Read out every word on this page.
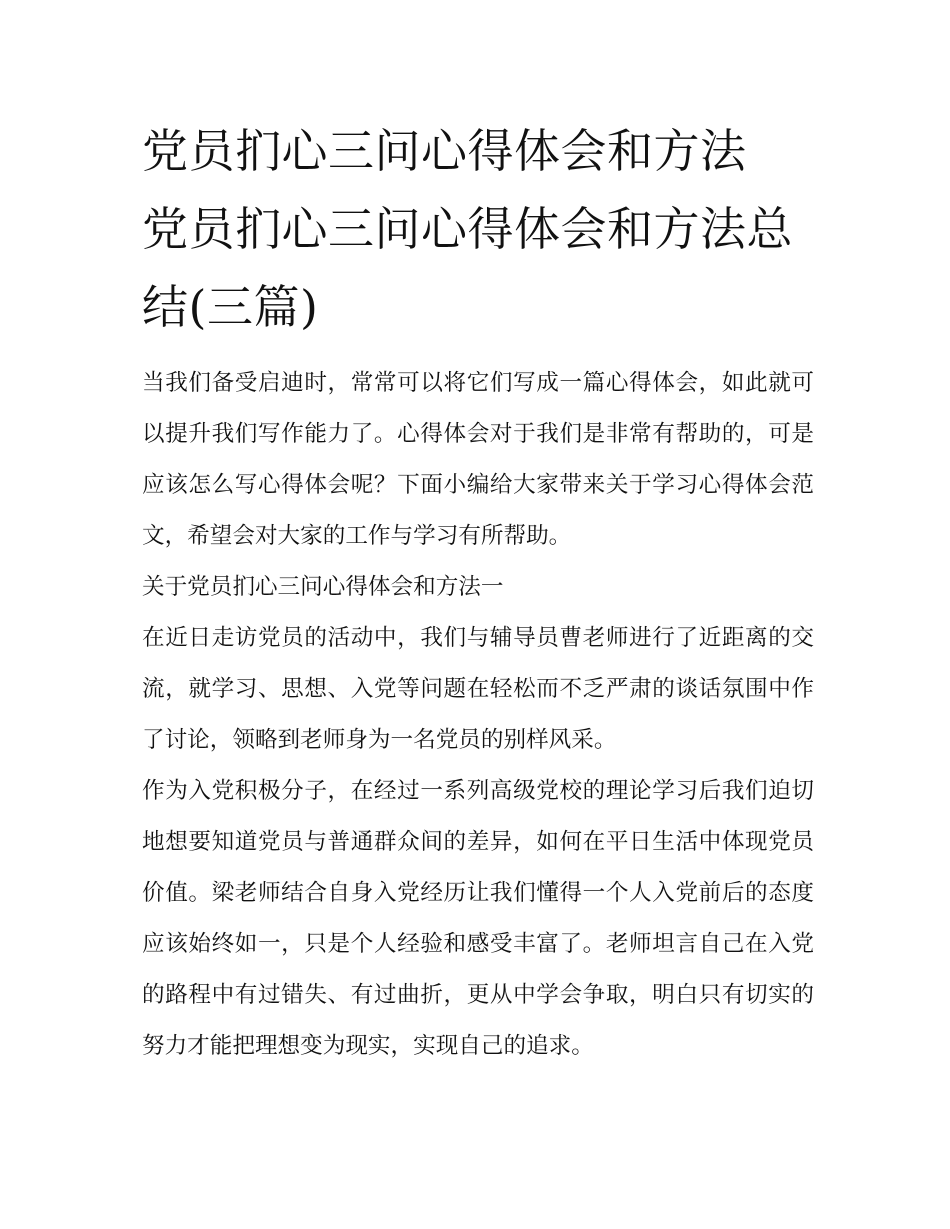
党员扪心三问心得体会和方法
党员扪心三问心得体会和方法总结(三篇)

当我们备受启迪时，常常可以将它们写成一篇心得体会，如此就可以提升我们写作能力了。心得体会对于我们是非常有帮助的，可是应该怎么写心得体会呢？下面小编给大家带来关于学习心得体会范文，希望会对大家的工作与学习有所帮助。

关于党员扪心三问心得体会和方法一

在近日走访党员的活动中，我们与辅导员曹老师进行了近距离的交流，就学习、思想、入党等问题在轻松而不乏严肃的谈话氛围中作了讨论，领略到老师身为一名党员的别样风采。

作为入党积极分子，在经过一系列高级党校的理论学习后我们迫切地想要知道党员与普通群众间的差异，如何在平日生活中体现党员价值。梁老师结合自身入党经历让我们懂得一个人入党前后的态度应该始终如一，只是个人经验和感受丰富了。老师坦言自己在入党的路程中有过错失、有过曲折，更从中学会争取，明白只有切实的努力才能把理想变为现实，实现自己的追求。
